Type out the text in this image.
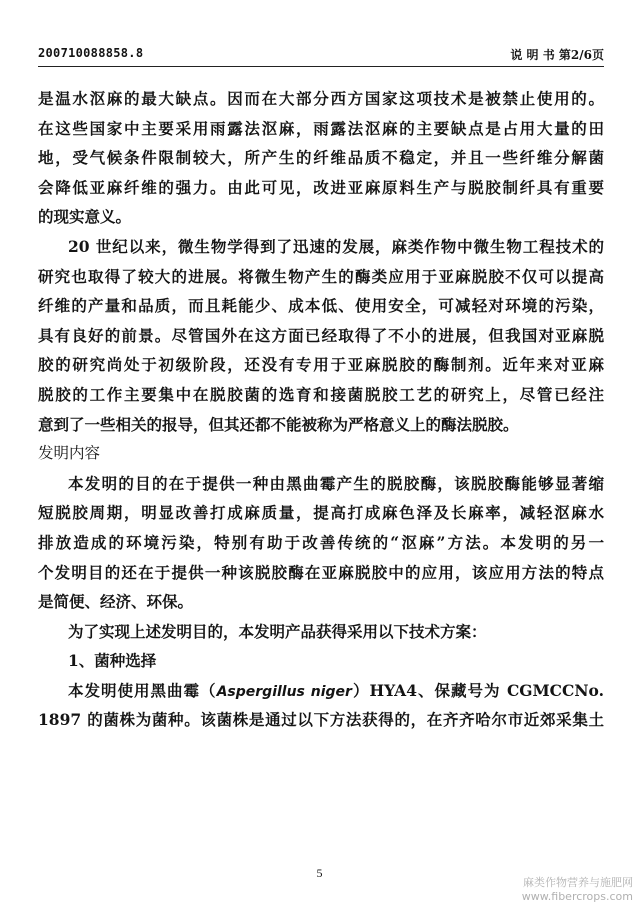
200710088858.8	说 明 书 第2/6页
是温水沤麻的最大缺点。因而在大部分西方国家这项技术是被禁止使用的。
在这些国家中主要采用雨露法沤麻，雨露法沤麻的主要缺点是占用大量的田
地，受气候条件限制较大，所产生的纤维品质不稳定，并且一些纤维分解菌
会降低亚麻纤维的强力。由此可见，改进亚麻原料生产与脱胶制纤具有重要
的现实意义。
20 世纪以来，微生物学得到了迅速的发展，麻类作物中微生物工程技术的
研究也取得了较大的进展。将微生物产生的酶类应用于亚麻脱胶不仅可以提高
纤维的产量和品质，而且耗能少、成本低、使用安全，可减轻对环境的污染，
具有良好的前景。尽管国外在这方面已经取得了不小的进展，但我国对亚麻脱
胶的研究尚处于初级阶段，还没有专用于亚麻脱胶的酶制剂。近年来对亚麻
脱胶的工作主要集中在脱胶菌的选育和接菌脱胶工艺的研究上，尽管已经注
意到了一些相关的报导，但其还都不能被称为严格意义上的酶法脱胶。
发明内容
本发明的目的在于提供一种由黑曲霉产生的脱胶酶，该脱胶酶能够显著缩
短脱胶周期，明显改善打成麻质量，提高打成麻色泽及长麻率，减轻沤麻水
排放造成的环境污染，特别有助于改善传统的“沤麻”方法。本发明的另一
个发明目的还在于提供一种该脱胶酶在亚麻脱胶中的应用，该应用方法的特点
是简便、经济、环保。
为了实现上述发明目的，本发明产品获得采用以下技术方案：
1、菌种选择
本发明使用黑曲霉（Aspergillus niger）HYA4、保藏号为 CGMCCNo.
1897 的菌株为菌种。该菌株是通过以下方法获得的，在齐齐哈尔市近郊采集土
5
麻类作物营养与施肥网
www.fibercrops.com
